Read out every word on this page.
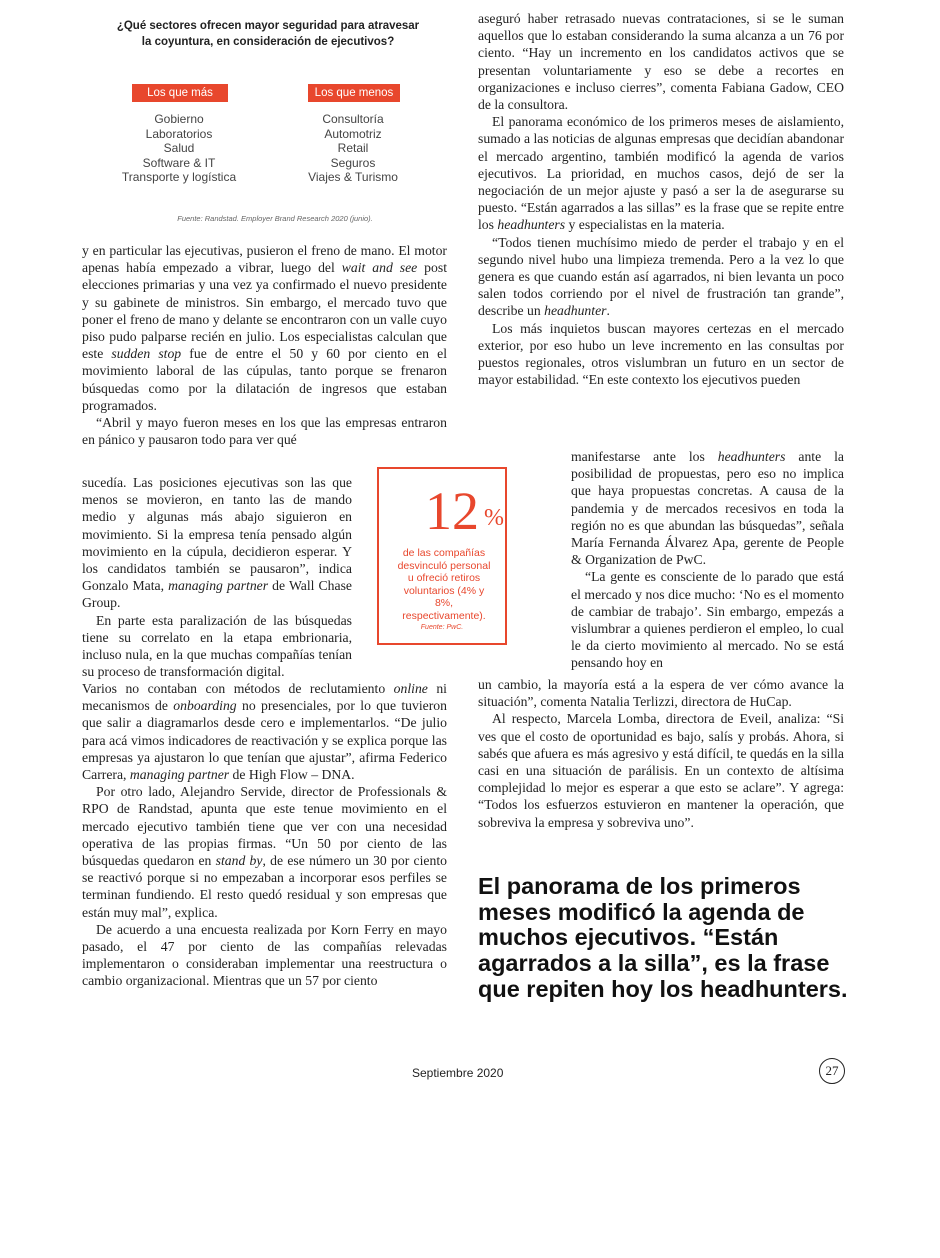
¿Qué sectores ofrecen mayor seguridad para atravesar
la coyuntura, en consideración de ejecutivos?
Los que más	Los que menos
Gobierno
Laboratorios
Salud
Software & IT
Transporte y logística
Consultoría
Automotriz
Retail
Seguros
Viajes & Turismo
Fuente: Randstad. Employer Brand Research 2020 (junio).

y en particular las ejecutivas, pusieron el freno de mano. El motor apenas había empezado a vibrar, luego del wait and see post elecciones primarias y una vez ya confirmado el nuevo presidente y su gabinete de ministros. Sin embargo, el mercado tuvo que poner el freno de mano y delante se encontraron con un valle cuyo piso pudo palparse recién en julio. Los especialistas calculan que este sudden stop fue de entre el 50 y 60 por ciento en el movimiento laboral de las cúpulas, tanto porque se frenaron búsquedas como por la dilatación de ingresos que estaban programados.

“Abril y mayo fueron meses en los que las empresas entraron en pánico y pausaron todo para ver qué

sucedía. Las posiciones ejecutivas son las que menos se movieron, en tanto las de mando medio y algunas más abajo siguieron en movimiento. Si la empresa tenía pensado algún movimiento en la cúpula, decidieron esperar. Y los candidatos también se pausaron”, indica Gonzalo Mata, managing partner de Wall Chase Group.

En parte esta paralización de las búsquedas tiene su correlato en la etapa embrionaria, incluso nula, en la que muchas compañías tenían su proceso de transformación digital.

Varios no contaban con métodos de reclutamiento online ni mecanismos de onboarding no presenciales, por lo que tuvieron que salir a diagramarlos desde cero e implementarlos. “De julio para acá vimos indicadores de reactivación y se explica porque las empresas ya ajustaron lo que tenían que ajustar”, afirma Federico Carrera, managing partner de High Flow – DNA.

Por otro lado, Alejandro Servide, director de Professionals & RPO de Randstad, apunta que este tenue movimiento en el mercado ejecutivo también tiene que ver con una necesidad operativa de las propias firmas. “Un 50 por ciento de las búsquedas quedaron en stand by, de ese número un 30 por ciento se reactivó porque si no empezaban a incorporar esos perfiles se terminan fundiendo. El resto quedó residual y son empresas que están muy mal”, explica.

De acuerdo a una encuesta realizada por Korn Ferry en mayo pasado, el 47 por ciento de las compañías relevadas implementaron o consideraban implementar una reestructura o cambio organizacional. Mientras que un 57 por ciento

12 %
de las compañías desvinculó personal u ofreció retiros voluntarios (4% y 8%, respectivamente).
Fuente: PwC.

aseguró haber retrasado nuevas contrataciones, si se le suman aquellos que lo estaban considerando la suma alcanza a un 76 por ciento. “Hay un incremento en los candidatos activos que se presentan voluntariamente y eso se debe a recortes en organizaciones e incluso cierres”, comenta Fabiana Gadow, CEO de la consultora.

El panorama económico de los primeros meses de aislamiento, sumado a las noticias de algunas empresas que decidían abandonar el mercado argentino, también modificó la agenda de varios ejecutivos. La prioridad, en muchos casos, dejó de ser la negociación de un mejor ajuste y pasó a ser la de asegurarse su puesto. “Están agarrados a las sillas” es la frase que se repite entre los headhunters y especialistas en la materia.

“Todos tienen muchísimo miedo de perder el trabajo y en el segundo nivel hubo una limpieza tremenda. Pero a la vez lo que genera es que cuando están así agarrados, ni bien levanta un poco salen todos corriendo por el nivel de frustración tan grande”, describe un headhunter.

Los más inquietos buscan mayores certezas en el mercado exterior, por eso hubo un leve incremento en las consultas por puestos regionales, otros vislumbran un futuro en un sector de mayor estabilidad. “En este contexto los ejecutivos pueden

manifestarse ante los headhunters ante la posibilidad de propuestas, pero eso no implica que haya propuestas concretas. A causa de la pandemia y de mercados recesivos en toda la región no es que abundan las búsquedas”, señala María Fernanda Álvarez Apa, gerente de People & Organization de PwC.

“La gente es consciente de lo parado que está el mercado y nos dice mucho: ‘No es el momento de cambiar de trabajo’. Sin embargo, empezás a vislumbrar a quienes perdieron el empleo, lo cual le da cierto movimiento al mercado. No se está pensando hoy en

un cambio, la mayoría está a la espera de ver cómo avance la situación”, comenta Natalia Terlizzi, directora de HuCap.

Al respecto, Marcela Lomba, directora de Eveil, analiza: “Si ves que el costo de oportunidad es bajo, salís y probás. Ahora, si sabés que afuera es más agresivo y está difícil, te quedás en la silla casi en una situación de parálisis. En un contexto de altísima complejidad lo mejor es esperar a que esto se aclare”. Y agrega: “Todos los esfuerzos estuvieron en mantener la operación, que sobreviva la empresa y sobreviva uno”.

El panorama de los primeros meses modificó la agenda de muchos ejecutivos. “Están agarrados a la silla”, es la frase que repiten hoy los headhunters.
Septiembre 2020	27
